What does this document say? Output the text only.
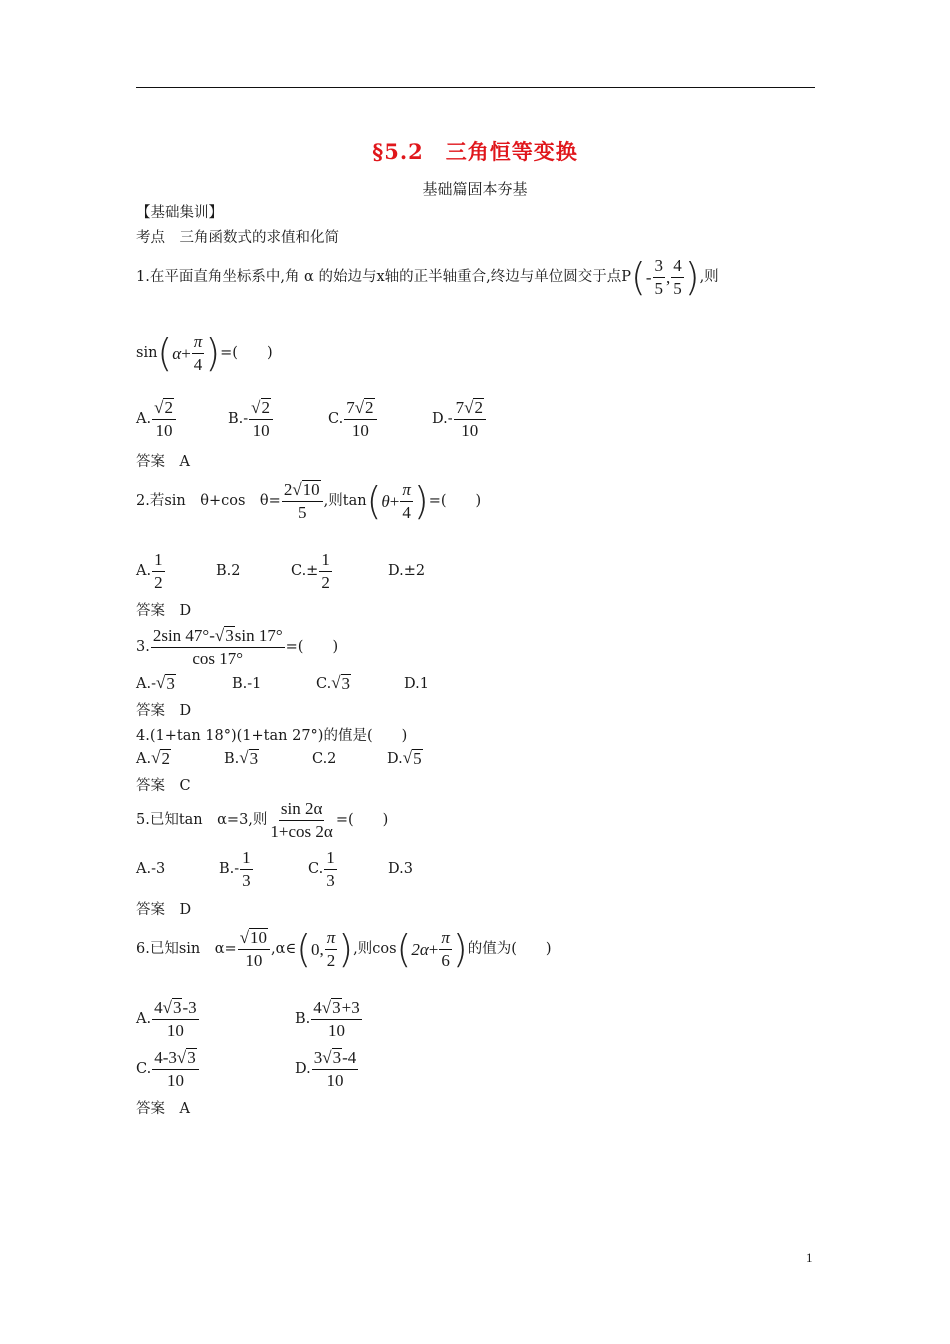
§5.2　三角恒等变换
基础篇固本夯基
【基础集训】
考点　三角函数式的求值和化简
1.在平面直角坐标系中,角 α 的始边与x轴的正半轴重合,终边与单位圆交于点P ( - $\frac{3}{5}$ , $\frac{4}{5}$ ) ,则
sin ( $\alpha + \frac{\pi}{4}$ ) =(　　)
A. $\frac{√ 2}{10}$	$B.- \frac{√ 2}{10}$	C. $\frac{7 √ 2}{10}$	$D.- \frac{7 √ 2}{10}$
答案　A
2.若sin　θ+cos　$\theta= \frac{2 √ 10}{5}$ ,则tan ( $\theta + \frac{\pi}{4}$ ) =(　　)
A. $\frac{1}{2}$	B.2	$C.\pm \frac{1}{2}$	D.±2
答案　D
3. $\frac{2\sin 47^\circ- √ 3 \sin 17^\circ}{\cos 17^\circ}$ =(　　)
A.- √ 3	B.-1	C. √ 3	D.1
答案　D
4.(1+tan 18°)(1+tan 27°)的值是(　　)
A. √ 2	B. √ 3	C.2	D. √ 5
答案　C
5.已知tan　α=3,则 $\frac{\sin 2\alpha}{1+\cos 2\alpha}$ =(　　)
A.-3	$B.- \frac{1}{3}$	C. $\frac{1}{3}$	D.3
答案　D
6.已知sin　$\alpha= \frac{√ 10}{10}$ ,α∈ ( 0 , $\frac{\pi}{2}$ ) ,则cos ( $2\alpha + \frac{\pi}{6}$ ) 的值为(　　)
A. $\frac{4 √ 3 -3}{10}$	B. $\frac{4 √ 3 +3}{10}$
C. $\frac{4-3 √ 3}{10}$	D. $\frac{3 √ 3 -4}{10}$
答案　A
1
